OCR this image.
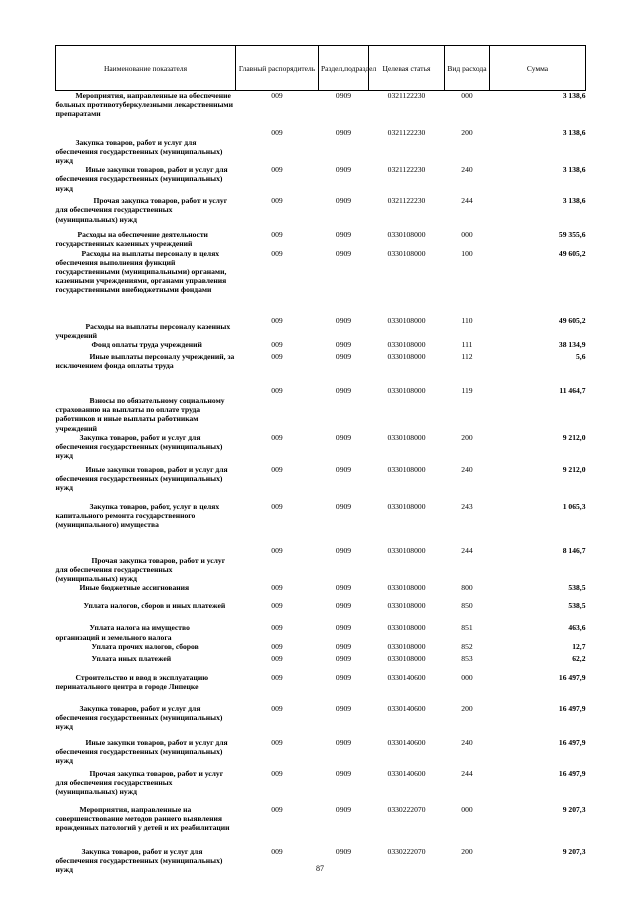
Наименование показателя	Главный распорядитель	Раздел,подраздел	Целевая статья	Вид расхода	Сумма
Мероприятия, направленные на обеспечение больных противотуберкулезными лекарственными препаратами	009	0909	0321122230	000	3 138,6
Закупка товаров, работ и услуг для обеспечения государственных (муниципальных) нужд	009	0909	0321122230	200	3 138,6
Иные закупки товаров, работ и услуг для обеспечения государственных (муниципальных) нужд	009	0909	0321122230	240	3 138,6
Прочая закупка товаров, работ и услуг для обеспечения государственных (муниципальных) нужд	009	0909	0321122230	244	3 138,6
Расходы на обеспечение деятельности государственных казенных учреждений	009	0909	0330108000	000	59 355,6
Расходы на выплаты персоналу в целях обеспечения выполнения функций государственными (муниципальными) органами, казенными учреждениями, органами управления государственными внебюджетными фондами	009	0909	0330108000	100	49 605,2
Расходы на выплаты персоналу казенных учреждений	009	0909	0330108000	110	49 605,2
Фонд оплаты труда учреждений	009	0909	0330108000	111	38 134,9
Иные выплаты персоналу учреждений, за исключением фонда оплаты труда	009	0909	0330108000	112	5,6
Взносы по обязательному социальному страхованию на выплаты по оплате труда работников и иные выплаты работникам учреждений	009	0909	0330108000	119	11 464,7
Закупка товаров, работ и услуг для обеспечения государственных (муниципальных) нужд	009	0909	0330108000	200	9 212,0
Иные закупки товаров, работ и услуг для обеспечения государственных (муниципальных) нужд	009	0909	0330108000	240	9 212,0
Закупка товаров, работ, услуг в целях капитального ремонта государственного (муниципального) имущества	009	0909	0330108000	243	1 065,3
Прочая закупка товаров, работ и услуг для обеспечения государственных (муниципальных) нужд	009	0909	0330108000	244	8 146,7
Иные бюджетные ассигнования	009	0909	0330108000	800	538,5
Уплата налогов, сборов и иных платежей	009	0909	0330108000	850	538,5
Уплата налога на имущество организаций и земельного налога	009	0909	0330108000	851	463,6
Уплата прочих налогов, сборов	009	0909	0330108000	852	12,7
Уплата иных платежей	009	0909	0330108000	853	62,2
Строительство и ввод в эксплуатацию перинатального центра в городе Липецке	009	0909	0330140600	000	16 497,9
Закупка товаров, работ и услуг для обеспечения государственных (муниципальных) нужд	009	0909	0330140600	200	16 497,9
Иные закупки товаров, работ и услуг для обеспечения государственных (муниципальных) нужд	009	0909	0330140600	240	16 497,9
Прочая закупка товаров, работ и услуг для обеспечения государственных (муниципальных) нужд	009	0909	0330140600	244	16 497,9
Мероприятия, направленные на совершенствование методов раннего выявления врожденных патологий у детей и их реабилитации	009	0909	0330222070	000	9 207,3
Закупка товаров, работ и услуг для обеспечения государственных (муниципальных) нужд	009	0909	0330222070	200	9 207,3
87
